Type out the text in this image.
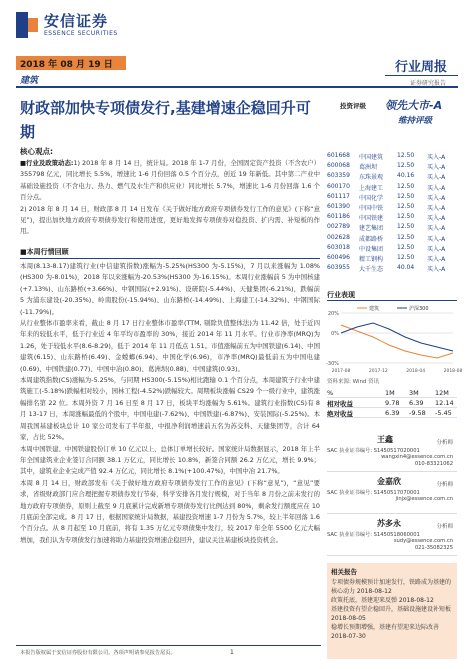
安信证券
ESSENCE SECURITIES
2018 年 08 月 19 日
建筑
行业周报
证券研究报告
财政部加快专项债发行,基建增速企稳回升可期
投资评级 领先大市-A
维持评级
核心观点:
■行业及政策动态:1) 2018 年 8 月 14 日，统计局。2018 年 1-7 月份，全国固定资产投资（不含农户）355798 亿元，同比增长 5.5%，增速比 1-6 月份回落 0.5 个百分点，创近 19 年新低。其中第二产业中基础设施投资（不含电力、热力、燃气及水生产和供应业）同比增长 5.7%，增速比 1-6 月份回落 1.6 个百分点。
2) 2018 年 8 月 14 日，财政部 8 月 14 日发布《关于做好地方政府专项债券发行工作的意见》(下称“意见”)，提出加快地方政府专项债券发行和使用进度，更好地发挥专项债券对稳投资、扩内需、补短板的作用。
■本周行情回顾
本周(8.13-8.17)建筑行业(中信建筑指数)涨幅为-5.25%(HS300 为-5.15%)，7 月以来涨幅为 1.08%(HS300 为-8.01%)，2018 年以来涨幅为-20.53%(HS300 为-16.15%)。本周行业涨幅前 5 为中国核建(+7.13%)、山东路桥(+3.66%)、中钢国际(+2.91%)、设研院(-5.44%)、天健集团(-6.21%)，跌幅前 5 为浦东建设(-20.35%)、岭南股份(-15.94%)、山东路桥(-14.49%)、上海建工(-14.32%)、中钢国际(-11.79%)。
从行业整体市盈率来看，截止 8 月 17 日行业整体市盈率(TTM, 剔除负值整体法)为 11.42 倍，处于近四年来的较低水平，低于行业近 4 年平均市盈率的 30%，接近 2014 年 11 月水平。行业市净率(MRQ)为 1.26，处于较低水平(8.6-8.29)，低于 2014 年 11 月低点 1.51。市值涨幅前五为中国铁建(6.14)、中国建筑(6.15)、山东路桥(6.49)、金螳螂(6.94)、中国化学(6.96)，市净率(MRQ)最低前五为中国电建(0.69)、中国铁建(0.77)、中国中冶(0.80)、葛洲坝(0.88)、中国建筑(0.93)。
本周建筑指数(CS)涨幅为-5.25%，与同期 HS300(-5.15%)相比跑输 0.1 个百分点，本周建筑子行业中建筑施工(-5.18%)跌幅相对较小，园林工程(-4.52%)跌幅较大。周期板块涨幅 CS29 个一级行业中，建筑涨幅排名第 22 位。本周外资 7 月 16 日至 8 月 17 日，板块平均涨幅为 5.61%。建筑行业指数(CS)有 8 月 13-17 日，本周涨幅最低的个股中，中国电建(-7.62%)、中国铁建(-6.87%)、安装国际(-5.25%)。本周我国基建板块总计 10 家公司发布了半年报，中报净利润增速前五名为苏交科、天健集团等，合计 64 家，占比 52%。
本周中国铁建、中国铁建股份订单 10 亿元以上、总体订单增长较好。国家统计局数据显示，2018 年上半年全国建筑业企业签订合同额 38.1 万亿元，同比增长 10.8%，新签合同额 26.2 万亿元，增长 9.9%；其中，建筑业企业完成产值 92.4 万亿元，同比增长 8.1%(+100.47%)，中国中冶 21.7%。
本周 8 月 14 日，财政部发布《关于做好地方政府专项债券发行工作的意见》(下称“意见”)，“意见”要求，省级财政部门应合理把握专项债券发行节奏，科学安排各月发行规模，对于当年 8 月份之前未发行的地方政府专项债券，原则上截至 9 月底累计完成新增专项债券发行比例达到 80%，剩余发行额度应在 10 月底前全部完成。8 月 17 日，根据国家统计局数据，基建投资增速 1-7 月份为 5.7%，较上半年回落 1.6 个百分点。从 8 月起至 10 月底前，将有 1.35 万亿元专项债集中发行，较 2017 年全年 5500 亿元大幅增加，我们认为专项债发行加速将助力基建投资增速企稳回升，建议关注基建板块投资机会。
601668 中国建筑 12.50 买入-A
600068 葛洲坝	12.50 买入-A
603359 东珠景观 40.16 买入-A
600170 上海建工 12.50 买入-A
601117 中国化学 12.50 买入-A
601390 中国中铁 12.50 买入-A
601186 中国铁建 12.50 买入-A
002789 建艺集团 12.50 买入-A
002628 成都路桥 12.50 买入-A
603018 中设集团 12.50 买入-A
600496 精工钢构 12.50 买入-A
603955 大千生态 40.04 买入-A
行业表现
-30%
0%
20%
2017-08	2017-12	2018-04	2018-08
建筑	沪深300
资料来源: Wind 资讯
%	1M 3M	12M
相对收益	9.78 6.39 12.14
绝对收益	6.39 -9.58 -5.45
王鑫	分析师
SAC 执业证书编号: S1450517020001
wangxin4@essence.com.cn
010-83321062
金嘉欣	分析师
SAC 执业证书编号: S1450517070001
jinjx@essence.com.cn
苏多永	分析师
SAC 执业证书编号: S1450518060001
sudy@essence.com.cn
021-35082325
相关报告
专项债券规模预计加速发行，铁路成为基建的核心动力 2018-08-12
政策托底，基建迎来反弹 2018-08-12
基建投资有望企稳回升，基础设施建设补短板 2018-08-05
稳增长预期增强，基建有望迎来边际改善 2018-07-30
本报告版权属于安信证券股份有限公司。各项声明请参见报告尾页。	1
